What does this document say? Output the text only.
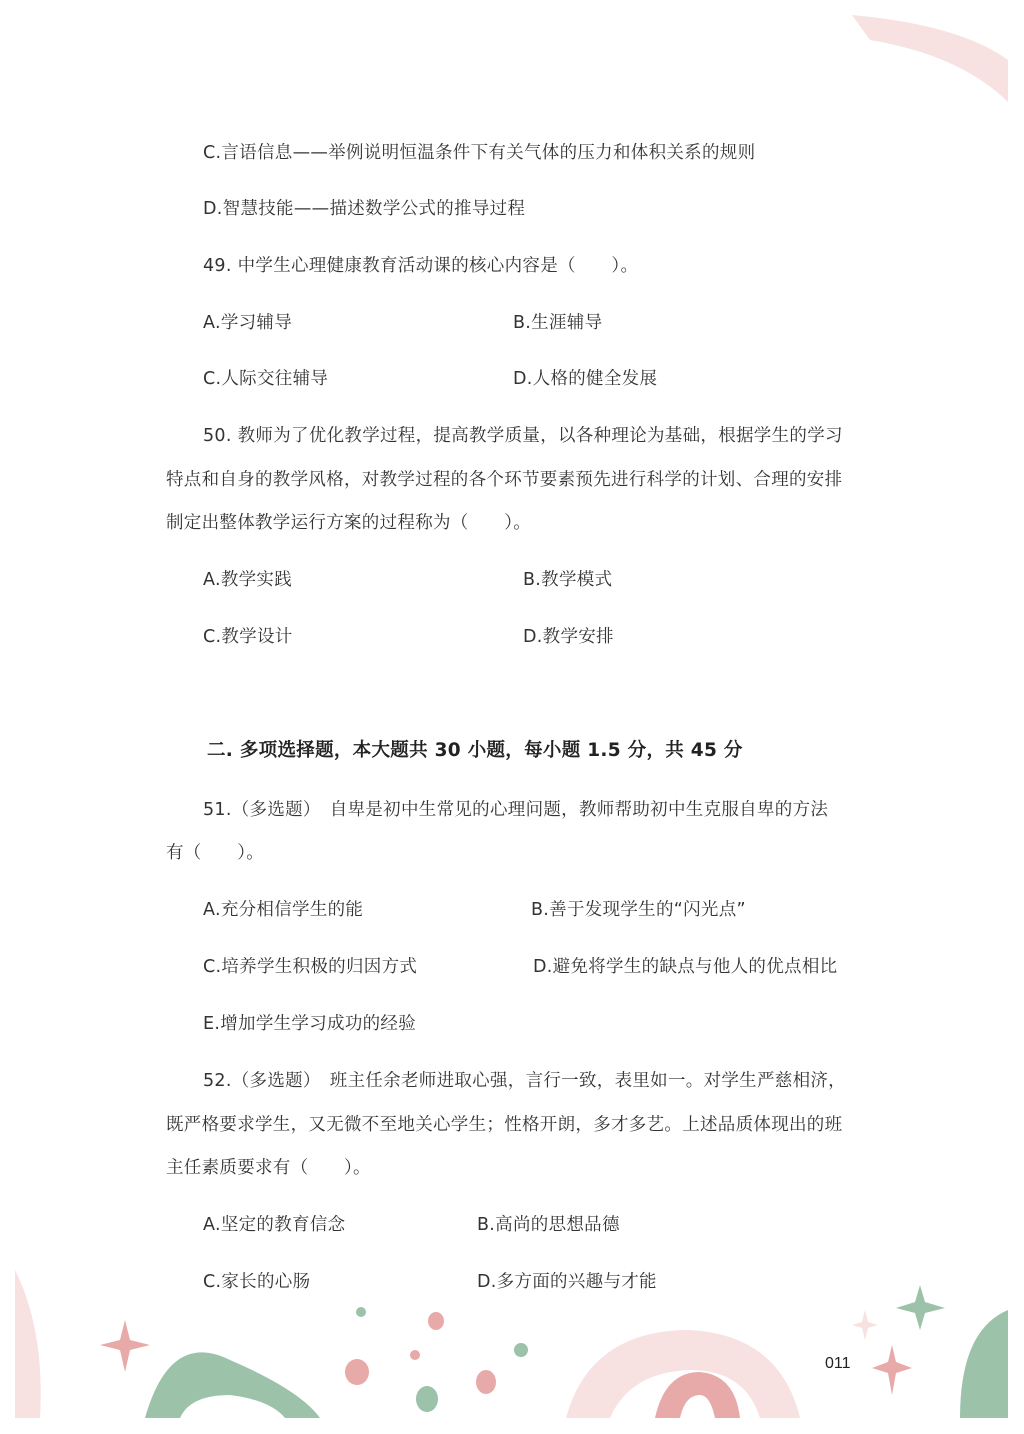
C.言语信息——举例说明恒温条件下有关气体的压力和体积关系的规则
D.智慧技能——描述数学公式的推导过程
49. 中学生心理健康教育活动课的核心内容是（　　）。
A.学习辅导	B.生涯辅导
C.人际交往辅导	D.人格的健全发展
50. 教师为了优化教学过程，提高教学质量，以各种理论为基础，根据学生的学习
特点和自身的教学风格，对教学过程的各个环节要素预先进行科学的计划、合理的安排
制定出整体教学运行方案的过程称为（　　）。
A.教学实践	B.教学模式
C.教学设计	D.教学安排
二. 多项选择题，本大题共 30 小题，每小题 1.5 分，共 45 分
51.（多选题）　自卑是初中生常见的心理问题，教师帮助初中生克服自卑的方法
有（　　）。
A.充分相信学生的能	B.善于发现学生的“闪光点”
C.培养学生积极的归因方式	D.避免将学生的缺点与他人的优点相比
E.增加学生学习成功的经验
52.（多选题）　班主任余老师进取心强，言行一致，表里如一。对学生严慈相济，
既严格要求学生，又无微不至地关心学生；性格开朗，多才多艺。上述品质体现出的班
主任素质要求有（　　）。
A.坚定的教育信念	B.高尚的思想品德
C.家长的心肠	D.多方面的兴趣与才能
011
